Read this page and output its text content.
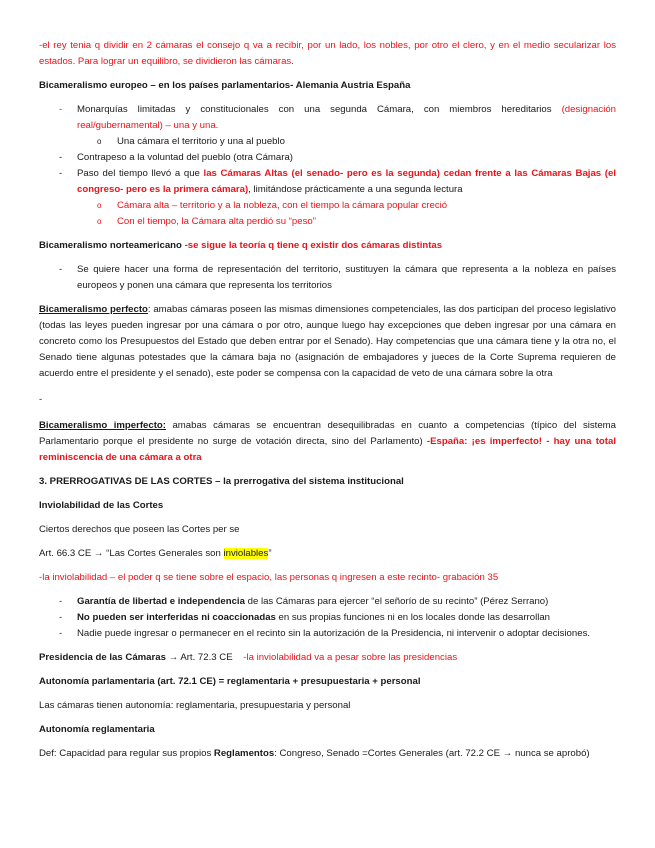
-el rey tenia q dividir en 2 cámaras el consejo q va a recibir, por un lado, los nobles, por otro el clero, y en el medio secularizar los estados. Para lograr un equilibro, se dividieron las cámaras.

Bicameralismo europeo – en los países parlamentarios- Alemania Austria España

- Monarquías limitadas y constitucionales con una segunda Cámara, con miembros hereditarios (designación real/gubernamental) – una y una.
o Una cámara el territorio y una al pueblo
- Contrapeso a la voluntad del pueblo (otra Cámara)
- Paso del tiempo llevó a que las Cámaras Altas (el senado- pero es la segunda) cedan frente a las Cámaras Bajas (el congreso- pero es la primera cámara), limitándose prácticamente a una segunda lectura
o Cámara alta – territorio y a la nobleza, con el tiempo la cámara popular creció
o Con el tiempo, la Cámara alta perdió su “peso”

Bicameralismo norteamericano -se sigue la teoría q tiene q existir dos cámaras distintas

- Se quiere hacer una forma de representación del territorio, sustituyen la cámara que representa a la nobleza en países europeos y ponen una cámara que representa los territorios

Bicameralismo perfecto: amabas cámaras poseen las mismas dimensiones competenciales, las dos participan del proceso legislativo (todas las leyes pueden ingresar por una cámara o por otro, aunque luego hay excepciones que deben ingresar por una cámara en concreto como los Presupuestos del Estado que deben entrar por el Senado). Hay competencias que una cámara tiene y la otra no, el Senado tiene algunas potestades que la cámara baja no (asignación de embajadores y jueces de la Corte Suprema requieren de acuerdo entre el presidente y el senado), este poder se compensa con la capacidad de veto de una cámara sobre la otra

-

Bicameralismo imperfecto: amabas cámaras se encuentran desequilibradas en cuanto a competencias (típico del sistema Parlamentario porque el presidente no surge de votación directa, sino del Parlamento) -España: ¡es imperfecto! - hay una total reminiscencia de una cámara a otra

3. PRERROGATIVAS DE LAS CORTES – la prerrogativa del sistema institucional

Inviolabilidad de las Cortes

Ciertos derechos que poseen las Cortes per se

Art. 66.3 CE → “Las Cortes Generales son inviolables”

-la inviolabilidad – el poder q se tiene sobre el espacio, las personas q ingresen a este recinto- grabación 35

- Garantía de libertad e independencia de las Cámaras para ejercer “el señorío de su recinto” (Pérez Serrano)
- No pueden ser interferidas ni coaccionadas en sus propias funciones ni en los locales donde las desarrollan
- Nadie puede ingresar o permanecer en el recinto sin la autorización de la Presidencia, ni intervenir o adoptar decisiones.

Presidencia de las Cámaras → Art. 72.3 CE -la inviolabilidad va a pesar sobre las presidencias

Autonomía parlamentaria (art. 72.1 CE) = reglamentaria + presupuestaria + personal

Las cámaras tienen autonomía: reglamentaria, presupuestaria y personal

Autonomía reglamentaria

Def: Capacidad para regular sus propios Reglamentos: Congreso, Senado =Cortes Generales (art. 72.2 CE → nunca se aprobó)
